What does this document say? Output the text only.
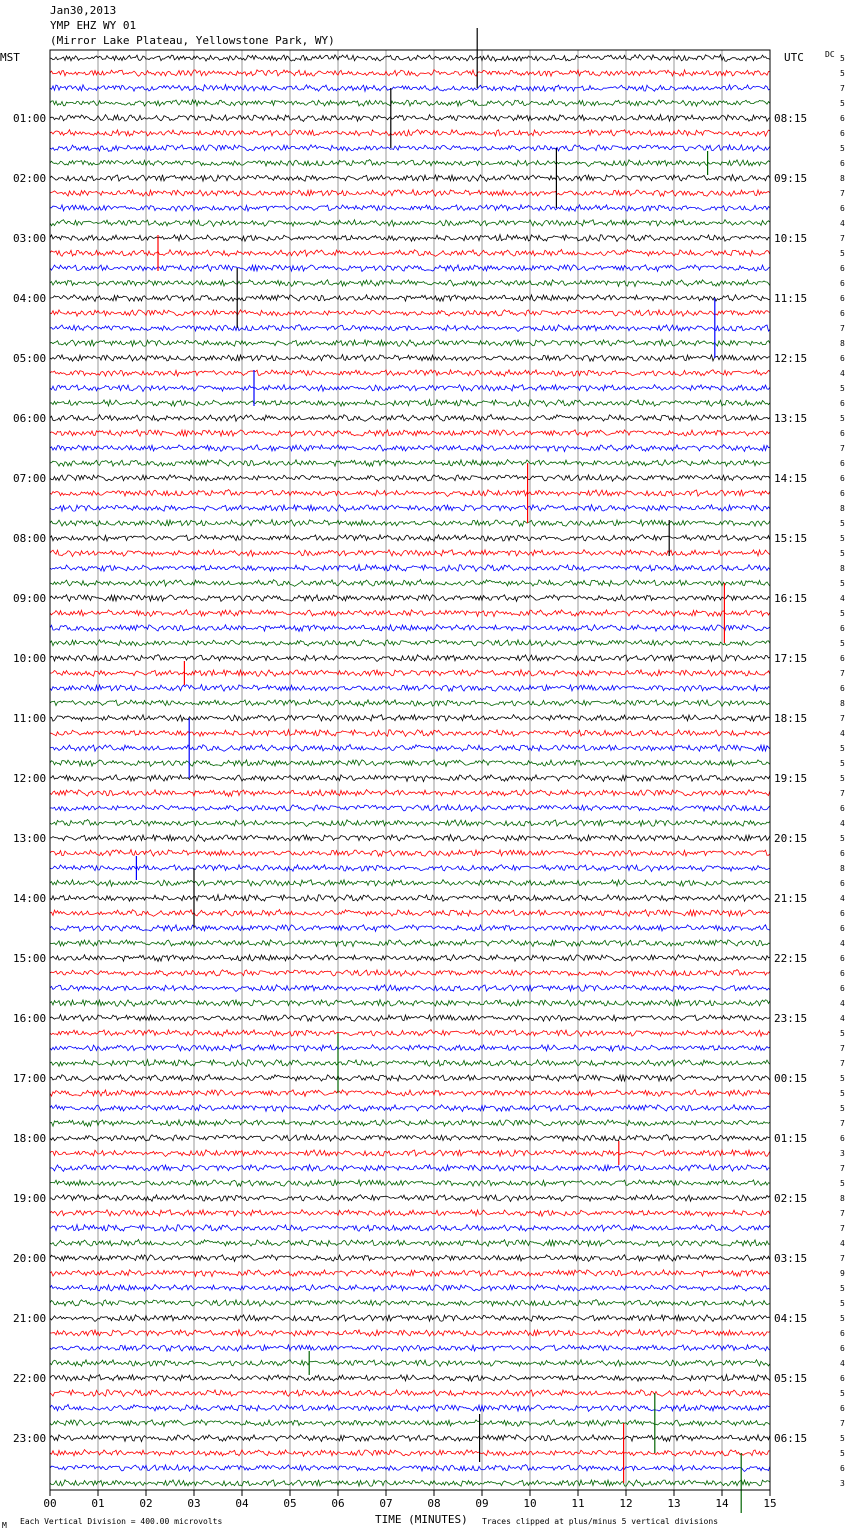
Jan30,2013
YMP EHZ WY 01
(Mirror Lake Plateau, Yellowstone Park, WY)
00	01	02	03	04	05	06	07	08	09	10	11	12	13	14	15
01:00	08:15
02:00	09:15
03:00	10:15
04:00	11:15
05:00	12:15
06:00	13:15
07:00	14:15
08:00	15:15
09:00	16:15
10:00	17:15
11:00	18:15
12:00	19:15
13:00	20:15
14:00	21:15
15:00	22:15
16:00	23:15
17:00	00:15
18:00	01:15
19:00	02:15
20:00	03:15
21:00	04:15
22:00	05:15
23:00	06:15
5
5
7
5
6
6
5
6
8
7
6
4
7
5
6
6
6
6
7
8
6
4
5
6
5
6
7
6
6
6
8
5
5
5
8
5
4
5
6
5
6
7
6
8
7
4
5
5
5
7
6
4
5
6
8
6
4
6
6
4
6
6
6
4
4
5
7
7
5
5
5
7
6
3
7
5
8
7
7
4
7
9
5
5
5
6
6
4
6
5
6
7
5
5
6
3
MST	UTC	DC
Each Vertical Division = 400.00 microvolts	TIME (MINUTES) Traces clipped at plus/minus 5 vertical divisions
M
